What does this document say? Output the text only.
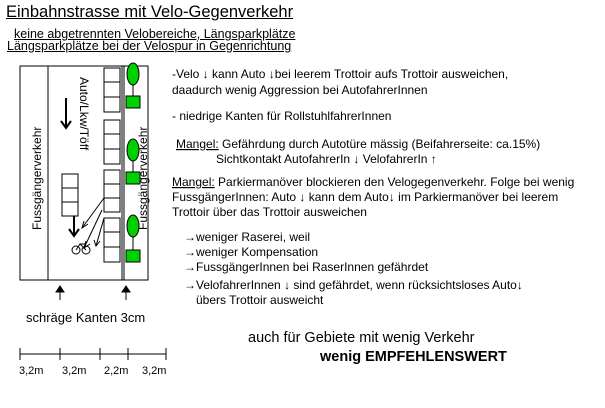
Einbahnstrasse mit Velo-Gegenverkehr
keine abgetrennten Velobereiche, Längsparkplätze
Längsparkplätze bei der Velospur in Gegenrichtung
Fussgängerverkehr
Auto/Lkw/Töff
Fussgängerverkehr
3,2m 3,2m 2,2m 3,2m
-Velo ↓ kann Auto ↓bei leerem Trottoir aufs Trottoir ausweichen,
daadurch wenig Aggression bei AutofahrerInnen
- niedrige Kanten für RollstuhlfahrerInnen
Mangel: Gefährdung durch Autotüre mässig (Beifahrerseite: ca.15%)
Sichtkontakt AutofahrerIn ↓ VelofahrerIn ↑
Mangel: Parkiermanöver blockieren den Velogegenverkehr. Folge bei wenig
FussgängerInnen: Auto ↓ kann dem Auto↓ im Parkiermanöver bei leerem
Trottoir über das Trottoir ausweichen
→weniger Raserei, weil
→weniger Kompensation
→FussgängerInnen bei RaserInnen gefährdet
→VelofahrerInnen ↓ sind gefährdet, wenn rücksichtsloses Auto↓
übers Trottoir ausweicht
schräge Kanten 3cm
auch für Gebiete mit wenig Verkehr
wenig EMPFEHLENSWERT
